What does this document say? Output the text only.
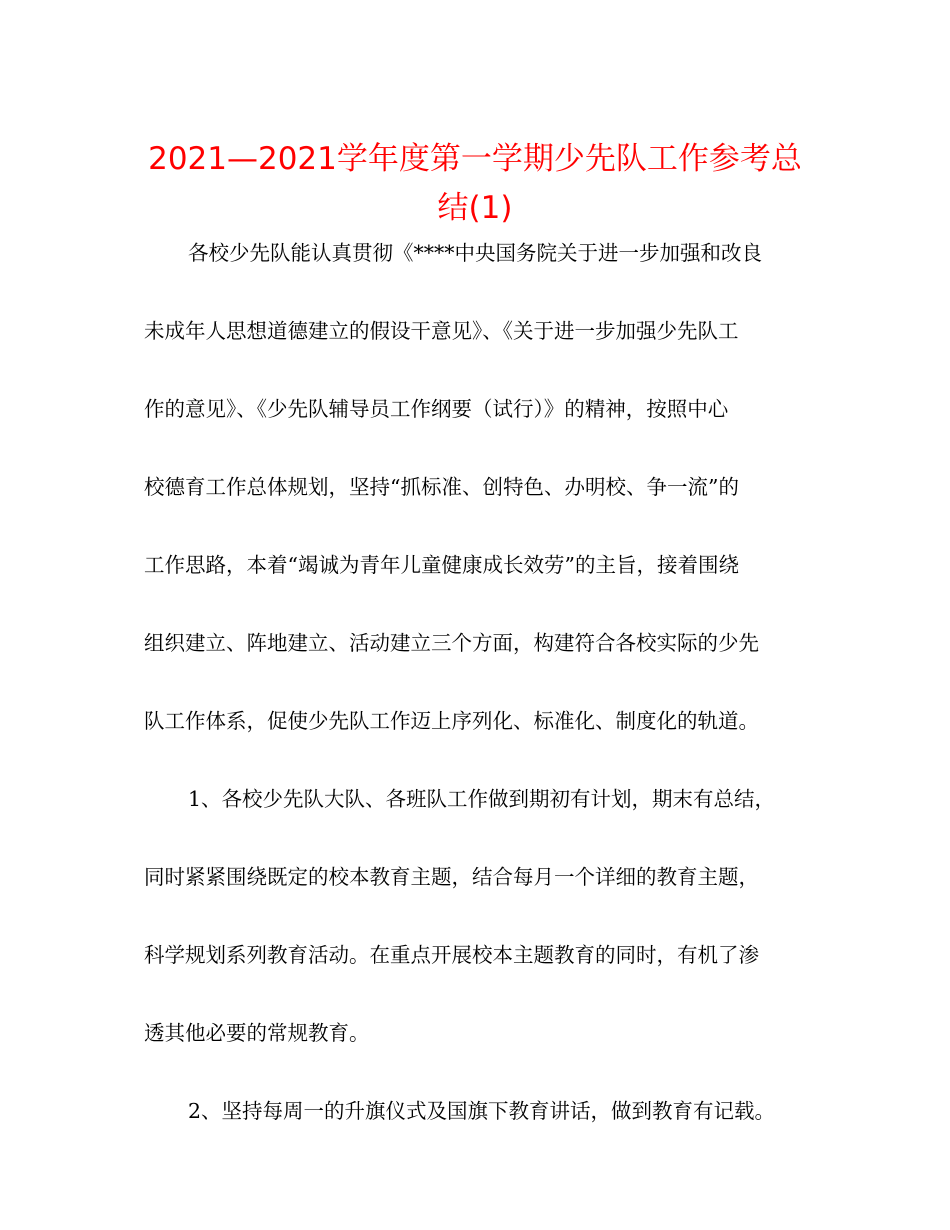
2021—2021学年度第一学期少先队工作参考总
结(1)

各校少先队能认真贯彻《****中央国务院关于进一步加强和改良

未成年人思想道德建立的假设干意见》、《关于进一步加强少先队工

作的意见》、《少先队辅导员工作纲要（试行）》的精神，按照中心

校德育工作总体规划，坚持“抓标准、创特色、办明校、争一流”的

工作思路，本着“竭诚为青年儿童健康成长效劳”的主旨，接着围绕

组织建立、阵地建立、活动建立三个方面，构建符合各校实际的少先

队工作体系，促使少先队工作迈上序列化、标准化、制度化的轨道。

1、各校少先队大队、各班队工作做到期初有计划，期末有总结，

同时紧紧围绕既定的校本教育主题，结合每月一个详细的教育主题，

科学规划系列教育活动。在重点开展校本主题教育的同时，有机了渗

透其他必要的常规教育。

2、坚持每周一的升旗仪式及国旗下教育讲话，做到教育有记载。
